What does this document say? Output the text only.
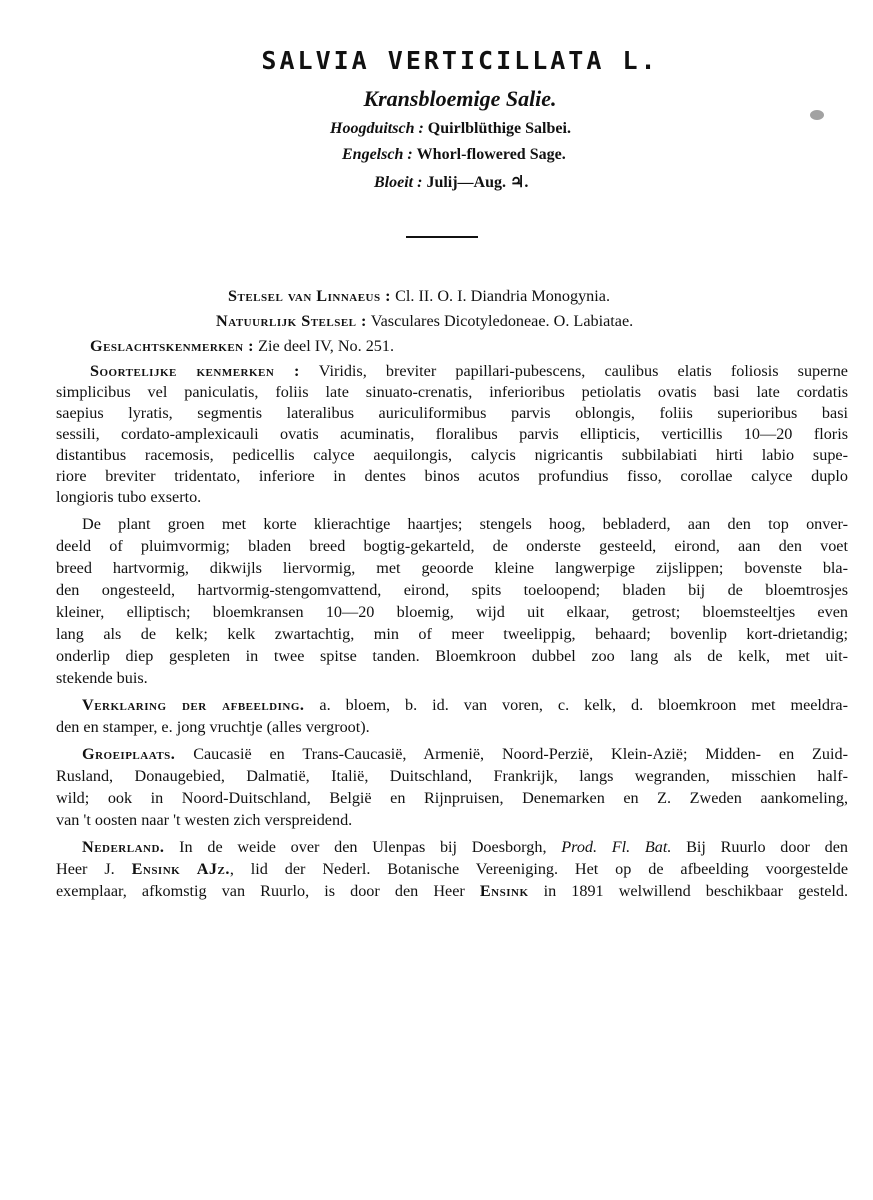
SALVIA VERTICILLATA L.
Kransbloemige Salie.
Hoogduitsch : Quirlblüthige Salbei.
Engelsch : Whorl-flowered Sage.
Bloeit : Julij—Aug. ♃.
Stelsel van Linnaeus : Cl. II. O. I. Diandria Monogynia.
Natuurlijk Stelsel : Vasculares Dicotyledoneae. O. Labiatae.
Geslachtskenmerken : Zie deel IV, No. 251.
Soortelijke kenmerken : Viridis, breviter papillari-pubescens, caulibus elatis foliosis superne
simplicibus vel paniculatis, foliis late sinuato-crenatis, inferioribus petiolatis ovatis basi late cordatis
saepius lyratis, segmentis lateralibus auriculiformibus parvis oblongis, foliis superioribus basi
sessili, cordato-amplexicauli ovatis acuminatis, floralibus parvis ellipticis, verticillis 10—20 floris
distantibus racemosis, pedicellis calyce aequilongis, calycis nigricantis subbilabiati hirti labio supe-
riore breviter tridentato, inferiore in dentes binos acutos profundius fisso, corollae calyce duplo
longioris tubo exserto.
De plant groen met korte klierachtige haartjes; stengels hoog, bebladerd, aan den top onver-
deeld of pluimvormig; bladen breed bogtig-gekarteld, de onderste gesteeld, eirond, aan den voet
breed hartvormig, dikwijls liervormig, met geoorde kleine langwerpige zijslippen; bovenste bla-
den ongesteeld, hartvormig-stengomvattend, eirond, spits toeloopend; bladen bij de bloemtrosjes
kleiner, elliptisch; bloemkransen 10—20 bloemig, wijd uit elkaar, getrost; bloemsteeltjes even
lang als de kelk; kelk zwartachtig, min of meer tweelippig, behaard; bovenlip kort-drietandig;
onderlip diep gespleten in twee spitse tanden. Bloemkroon dubbel zoo lang als de kelk, met uit-
stekende buis.
Verklaring der afbeelding. a. bloem, b. id. van voren, c. kelk, d. bloemkroon met meeldra-
den en stamper, e. jong vruchtje (alles vergroot).
Groeiplaats. Caucasië en Trans-Caucasië, Armenië, Noord-Perzië, Klein-Azië; Midden- en Zuid-
Rusland, Donaugebied, Dalmatië, Italië, Duitschland, Frankrijk, langs wegranden, misschien half-
wild; ook in Noord-Duitschland, België en Rijnpruisen, Denemarken en Z. Zweden aankomeling,
van 't oosten naar 't westen zich verspreidend.
Nederland. In de weide over den Ulenpas bij Doesborgh, Prod. Fl. Bat. Bij Ruurlo door den
Heer J. Ensink AJz., lid der Nederl. Botanische Vereeniging. Het op de afbeelding voorgestelde
exemplaar, afkomstig van Ruurlo, is door den Heer Ensink in 1891 welwillend beschikbaar gesteld.
